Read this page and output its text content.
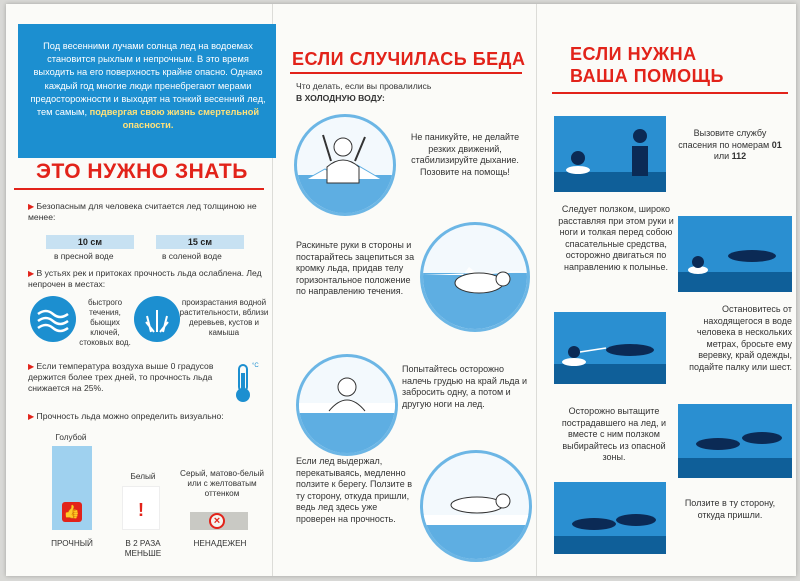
Под весенними лучами солнца лед на водоемах становится рыхлым и непрочным. В это время выходить на его поверхность крайне опасно. Однако каждый год многие люди пренебрегают мерами предосторожности и выходят на тонкий весенний лед, тем самым, подвергая свою жизнь смертельной опасности.
ЭТО НУЖНО ЗНАТЬ
▶ Безопасным для человека считается лед толщиною не менее:
10 см
в пресной воде
15 см
в соленой воде
▶ В устьях рек и притоках прочность льда ослаблена. Лед непрочен в местах:
быстрого течения, бьющих ключей, стоковых вод.
произрастания водной растительности, вблизи деревьев, кустов и камыша
▶ Если температура воздуха выше 0 градусов держится более трех дней, то прочность льда снижается на 25%.
°C
▶ Прочность льда можно определить визуально:
Голубой
👍
ПРОЧНЫЙ
Белый
!
В 2 РАЗА МЕНЬШЕ
Серый, матово-белый или с желтоватым оттенком
×
НЕНАДЕЖЕН
ЕСЛИ СЛУЧИЛАСЬ БЕДА
Что делать, если вы провалились
В ХОЛОДНУЮ ВОДУ:
Не паникуйте, не делайте резких движений, стабилизируйте дыхание. Позовите на помощь!
Раскиньте руки в стороны и постарайтесь зацепиться за кромку льда, придав телу горизонтальное положение по направлению течения.
Попытайтесь осторожно налечь грудью на край льда и забросить одну, а потом и другую ноги на лед.
Если лед выдержал, перекатываясь, медленно ползите к берегу. Ползите в ту сторону, откуда пришли, ведь лед здесь уже проверен на прочность.
ЕСЛИ НУЖНА
ВАША ПОМОЩЬ
Вызовите службу спасения по номерам 01 или 112
Следует ползком, широко расставляя при этом руки и ноги и толкая перед собою спасательные средства, осторожно двигаться по направлению к полынье.
Остановитесь от находящегося в воде человека в нескольких метрах, бросьте ему веревку, край одежды, подайте палку или шест.
Осторожно вытащите пострадавшего на лед, и вместе с ним ползком выбирайтесь из опасной зоны.
Ползите в ту сторону, откуда пришли.
